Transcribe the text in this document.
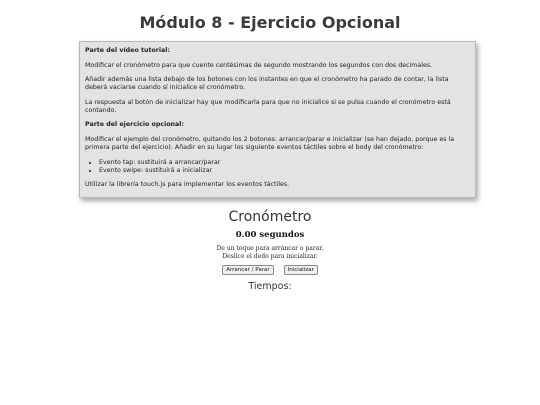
Módulo 8 - Ejercicio Opcional

Parte del vídeo tutorial:

Modificar el cronómetro para que cuente centésimas de segundo mostrando los segundos con dos decimales.

Añadir además una lista debajo de los botones con los instantes en que el cronómetro ha parado de contar, la lista deberá vaciarse cuando sí inicialice el cronómetro.

La respuesta al botón de inicializar hay que modificarla para que no inicialice si se pulsa cuando el cronómetro está contando.

Parte del ejercicio opcional:

Modificar el ejemplo del cronómetro, quitando los 2 botones: arrancar/parar e inicializar (se han dejado, porque es la primera parte del ejercicio). Añadir en su lugar los siguiente eventos táctiles sobre el body del cronómetro:

• Evento tap: sustituirá a arrancar/parar
• Evento swipe: sustituirá a inicializar

Utilizar la librería touch.js para implementar los eventos táctiles.

Cronómetro
0.00 segundos
De un toque para arrancar o parar.
Deslice el dedo para inicializar.
Arrancar / Parar	Inicializar
Tiempos:
